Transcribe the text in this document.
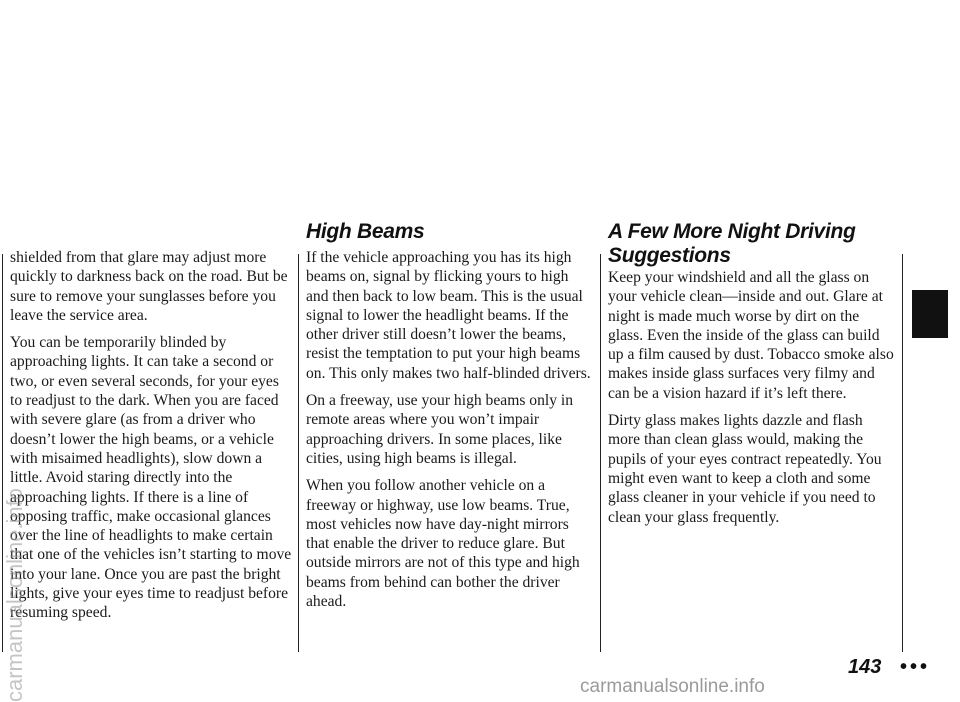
shielded from that glare may adjust more quickly to darkness back on the road. But be sure to remove your sunglasses before you leave the service area.

You can be temporarily blinded by approaching lights. It can take a second or two, or even several seconds, for your eyes to readjust to the dark. When you are faced with severe glare (as from a driver who doesn’t lower the high beams, or a vehicle with misaimed headlights), slow down a little. Avoid staring directly into the approaching lights. If there is a line of opposing traffic, make occasional glances over the line of headlights to make certain that one of the vehicles isn’t starting to move into your lane. Once you are past the bright lights, give your eyes time to readjust before resuming speed.

High Beams

If the vehicle approaching you has its high beams on, signal by flicking yours to high and then back to low beam. This is the usual signal to lower the headlight beams. If the other driver still doesn’t lower the beams, resist the temptation to put your high beams on. This only makes two half-blinded drivers.

On a freeway, use your high beams only in remote areas where you won’t impair approaching drivers. In some places, like cities, using high beams is illegal.

When you follow another vehicle on a freeway or highway, use low beams. True, most vehicles now have day-night mirrors that enable the driver to reduce glare. But outside mirrors are not of this type and high beams from behind can bother the driver ahead.

A Few More Night Driving Suggestions

Keep your windshield and all the glass on your vehicle clean—inside and out. Glare at night is made much worse by dirt on the glass. Even the inside of the glass can build up a film caused by dust. Tobacco smoke also makes inside glass surfaces very filmy and can be a vision hazard if it’s left there.

Dirty glass makes lights dazzle and flash more than clean glass would, making the pupils of your eyes contract repeatedly. You might even want to keep a cloth and some glass cleaner in your vehicle if you need to clean your glass frequently.

143 •••
carmanualsonline.info	carmanualsonline.info
